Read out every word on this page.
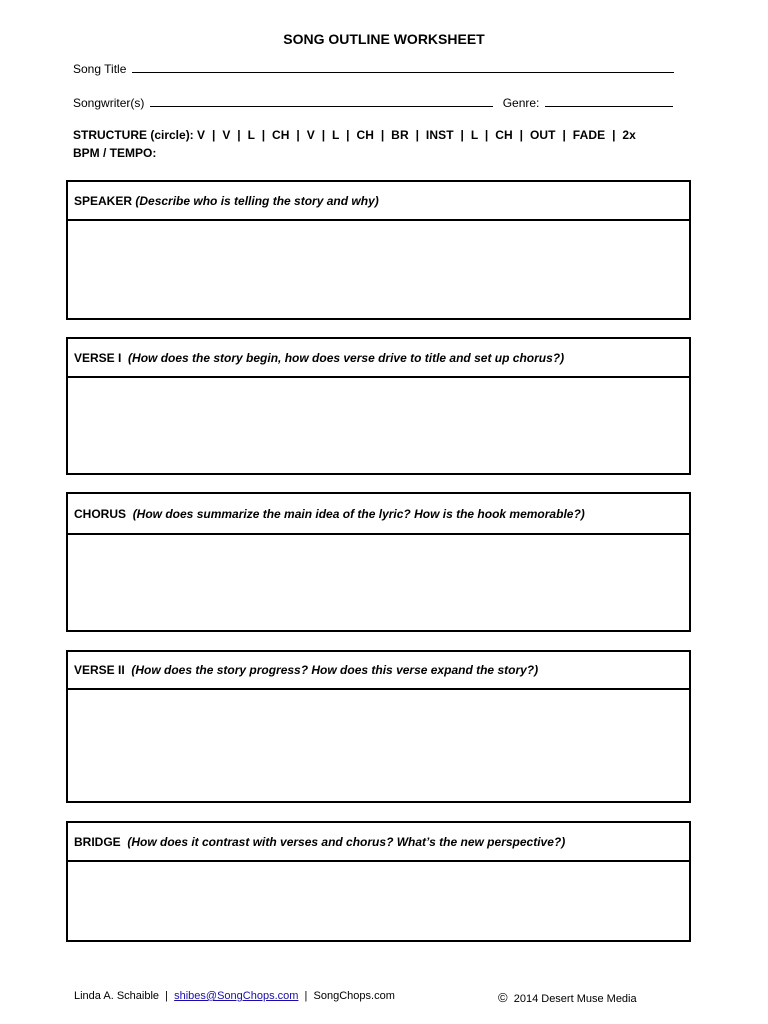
SONG OUTLINE WORKSHEET
Song Title
Songwriter(s)	Genre:
STRUCTURE (circle): V  |  V  |  L  |  CH  |  V  |  L  |  CH  |  BR  |  INST  |  L  |  CH  |  OUT  |  FADE  |  2x
BPM / TEMPO:
SPEAKER
(Describe who is telling the story and why)
VERSE I
(How does the story begin, how does verse drive to title and set up chorus?)
CHORUS
(How does summarize the main idea of the lyric? How is the hook memorable?)
VERSE II
(How does the story progress? How does this verse expand the story?)
BRIDGE
(How does it contrast with verses and chorus? What’s the new perspective?)
Linda A. Schaible | shibes@SongChops.com | SongChops.com	© 2014 Desert Muse Media
